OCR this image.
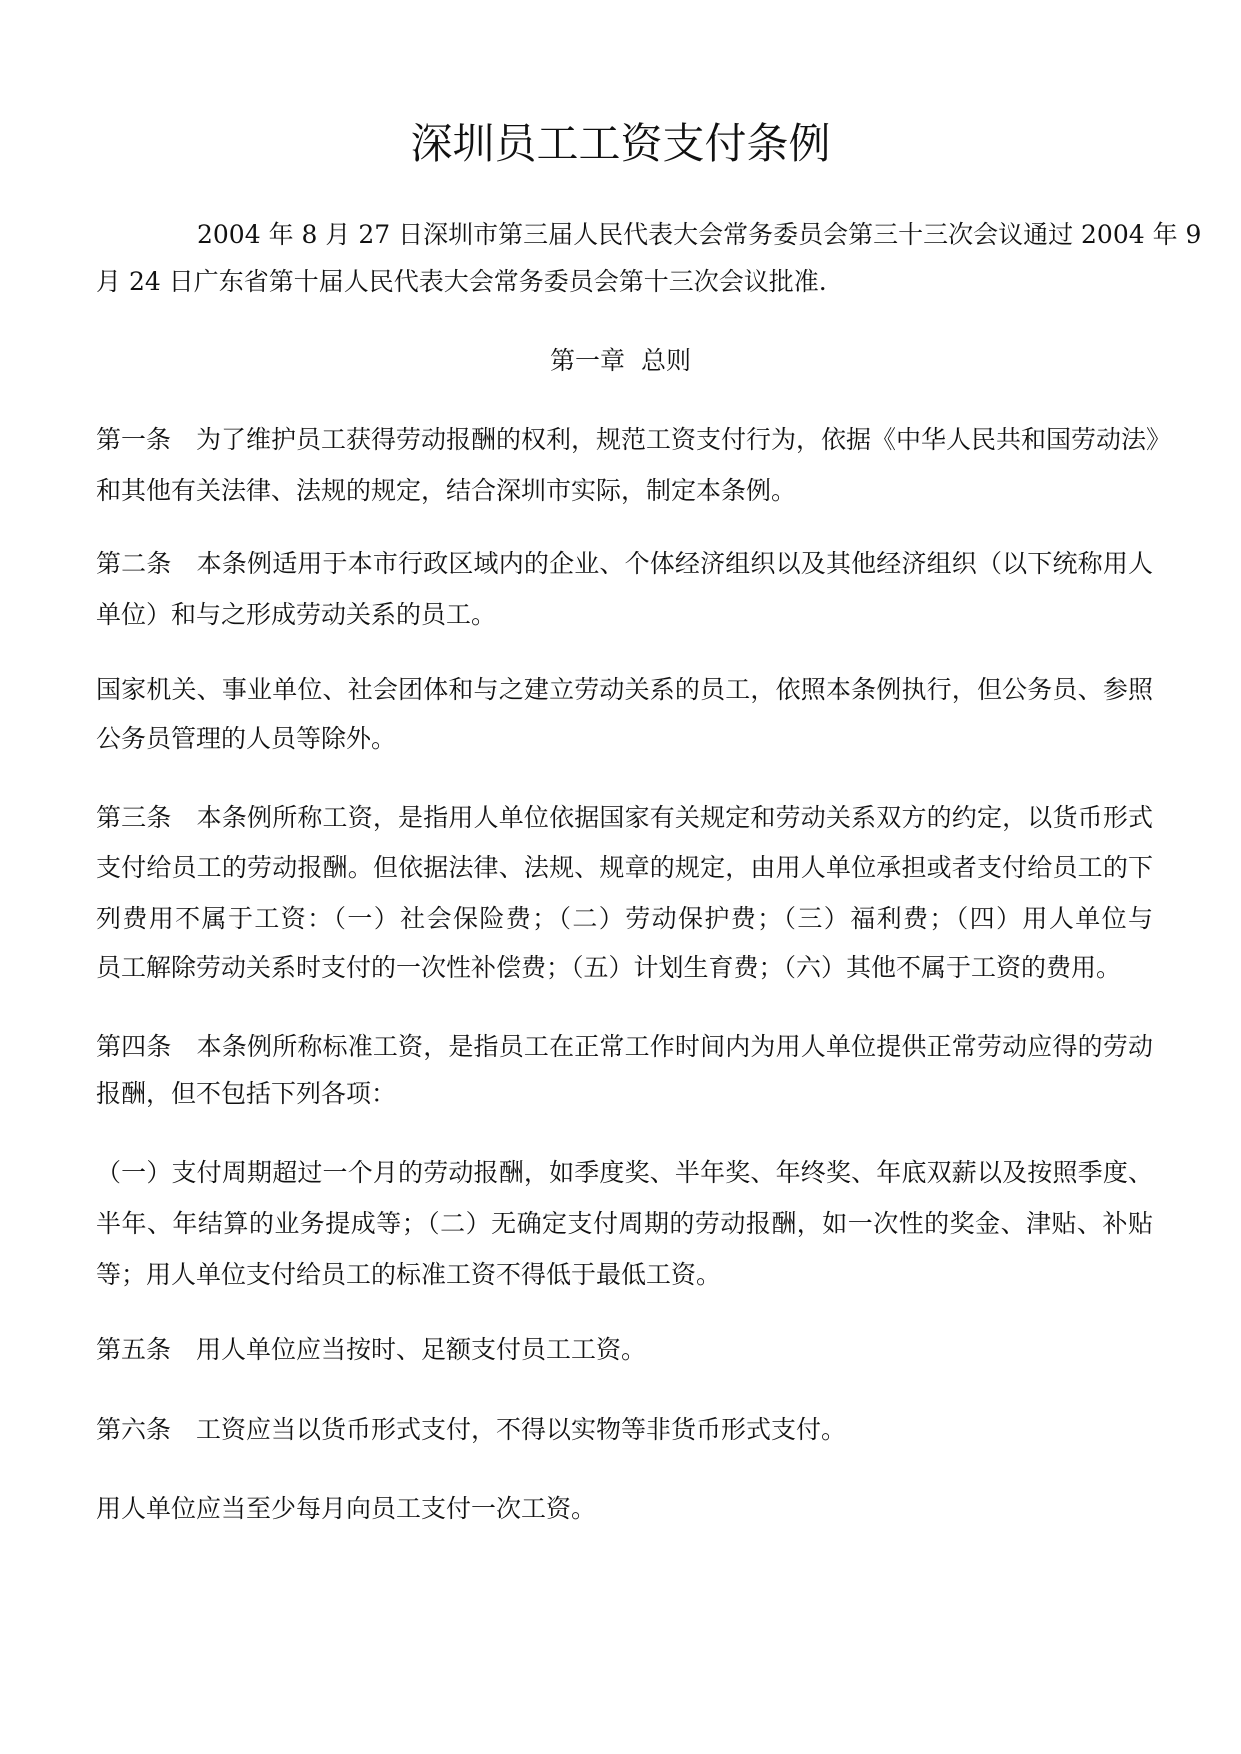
深圳员工工资支付条例
2004 年 8 月 27 日深圳市第三届人民代表大会常务委员会第三十三次会议通过 2004 年 9
月 24 日广东省第十届人民代表大会常务委员会第十三次会议批准.
第一章  总则
第一条　为了维护员工获得劳动报酬的权利，规范工资支付行为，依据《中华人民共和国劳动法》
和其他有关法律、法规的规定，结合深圳市实际，制定本条例。
第二条　本条例适用于本市行政区域内的企业、个体经济组织以及其他经济组织（以下统称用人
单位）和与之形成劳动关系的员工。
国家机关、事业单位、社会团体和与之建立劳动关系的员工，依照本条例执行，但公务员、参照
公务员管理的人员等除外。
第三条　本条例所称工资，是指用人单位依据国家有关规定和劳动关系双方的约定，以货币形式
支付给员工的劳动报酬。但依据法律、法规、规章的规定，由用人单位承担或者支付给员工的下
列费用不属于工资：（一）社会保险费；（二）劳动保护费；（三）福利费；（四）用人单位与
员工解除劳动关系时支付的一次性补偿费；（五）计划生育费；（六）其他不属于工资的费用。
第四条　本条例所称标准工资，是指员工在正常工作时间内为用人单位提供正常劳动应得的劳动
报酬，但不包括下列各项：
（一）支付周期超过一个月的劳动报酬，如季度奖、半年奖、年终奖、年底双薪以及按照季度、
半年、年结算的业务提成等；（二）无确定支付周期的劳动报酬，如一次性的奖金、津贴、补贴
等；用人单位支付给员工的标准工资不得低于最低工资。
第五条　用人单位应当按时、足额支付员工工资。
第六条　工资应当以货币形式支付，不得以实物等非货币形式支付。
用人单位应当至少每月向员工支付一次工资。
